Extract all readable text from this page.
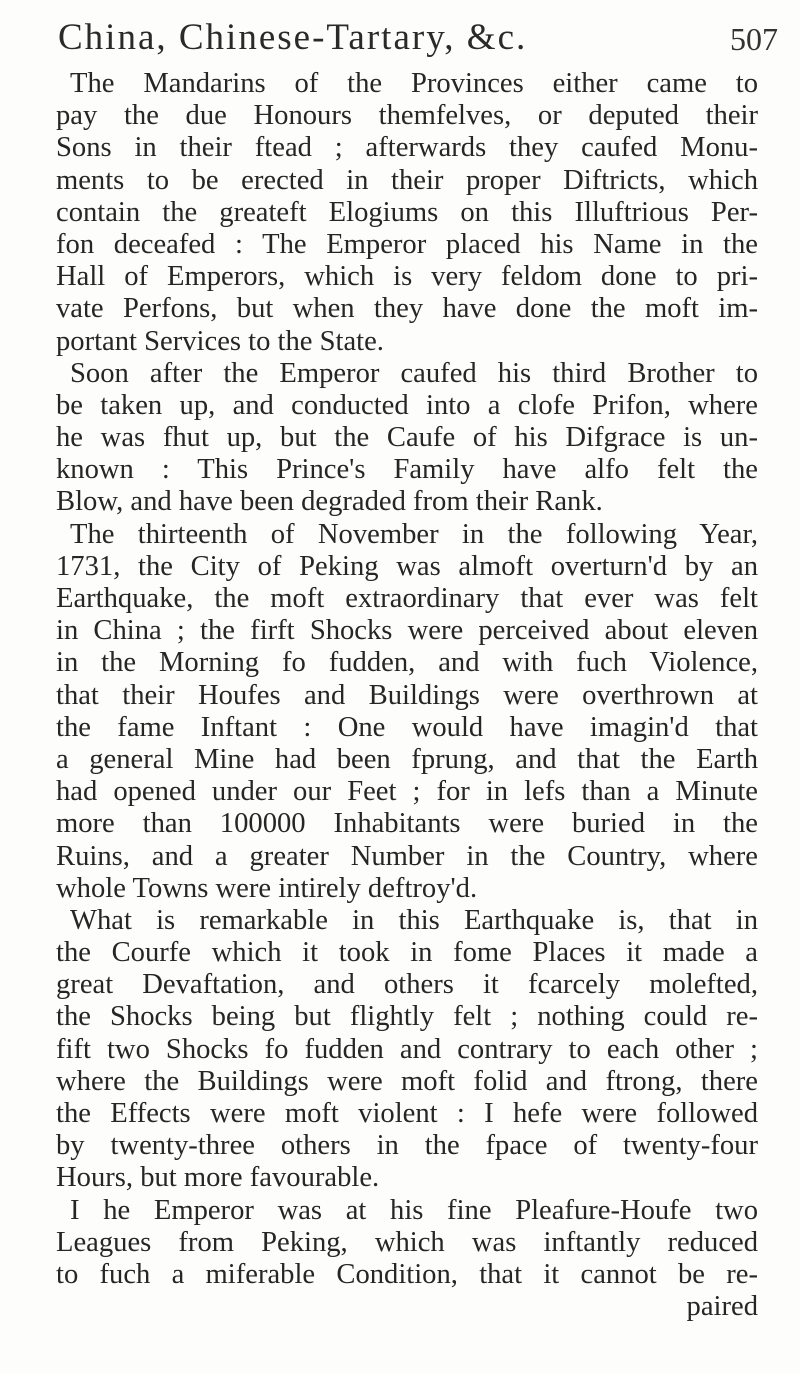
China, Chinese-Tartary, &c.	507
The Mandarins of the Provinces either came to
pay the due Honours themfelves, or deputed their
Sons in their ftead ; afterwards they caufed Monu-
ments to be erected in their proper Diftricts, which
contain the greateft Elogiums on this Illuftrious Per-
fon deceafed : The Emperor placed his Name in the
Hall of Emperors, which is very feldom done to pri-
vate Perfons, but when they have done the moft im-
portant Services to the State.
Soon after the Emperor caufed his third Brother to
be taken up, and conducted into a clofe Prifon, where
he was fhut up, but the Caufe of his Difgrace is un-
known : This Prince's Family have alfo felt the
Blow, and have been degraded from their Rank.
The thirteenth of November in the following Year,
1731, the City of Peking was almoft overturn'd by an
Earthquake, the moft extraordinary that ever was felt
in China ; the firft Shocks were perceived about eleven
in the Morning fo fudden, and with fuch Violence,
that their Houfes and Buildings were overthrown at
the fame Inftant : One would have imagin'd that
a general Mine had been fprung, and that the Earth
had opened under our Feet ; for in lefs than a Minute
more than 100000 Inhabitants were buried in the
Ruins, and a greater Number in the Country, where
whole Towns were intirely deftroy'd.
What is remarkable in this Earthquake is, that in
the Courfe which it took in fome Places it made a
great Devaftation, and others it fcarcely molefted,
the Shocks being but flightly felt ; nothing could re-
fift two Shocks fo fudden and contrary to each other ;
where the Buildings were moft folid and ftrong, there
the Effects were moft violent : I hefe were followed
by twenty-three others in the fpace of twenty-four
Hours, but more favourable.
I he Emperor was at his fine Pleafure-Houfe two
Leagues from Peking, which was inftantly reduced
to fuch a miferable Condition, that it cannot be re-
paired
